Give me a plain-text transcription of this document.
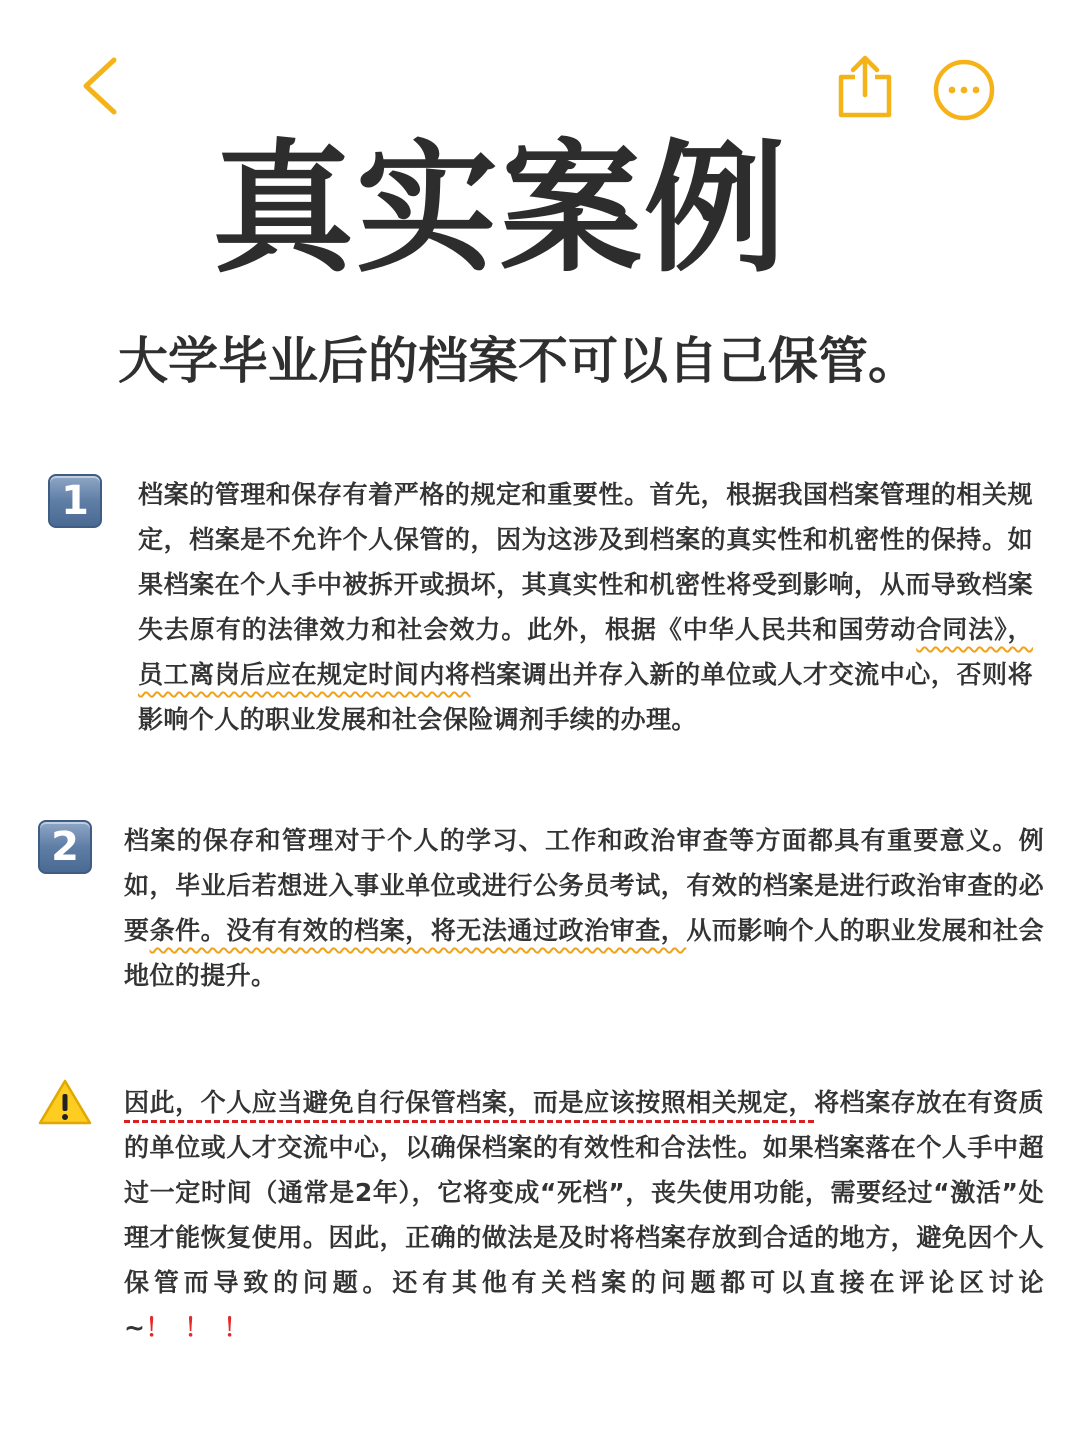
真实案例
大学毕业后的档案不可以自己保管。
1	档案的管理和保存有着严格的规定和重要性。首先，根据我国档案管理的相关规定，档案是不允许个人保管的，因为这涉及到档案的真实性和机密性的保持。如果档案在个人手中被拆开或损坏，其真实性和机密性将受到影响，从而导致档案失去原有的法律效力和社会效力。此外，根据《中华人民共和国劳动合同法》，员工离岗后应在规定时间内将档案调出并存入新的单位或人才交流中心，否则将影响个人的职业发展和社会保险调剂手续的办理。

2	档案的保存和管理对于个人的学习、工作和政治审查等方面都具有重要意义。例如，毕业后若想进入事业单位或进行公务员考试，有效的档案是进行政治审查的必要条件。没有有效的档案，将无法通过政治审查，从而影响个人的职业发展和社会地位的提升。

因此，个人应当避免自行保管档案，而是应该按照相关规定，将档案存放在有资质的单位或人才交流中心，以确保档案的有效性和合法性。如果档案落在个人手中超过一定时间（通常是2年），它将变成“死档”，丧失使用功能，需要经过“激活”处理才能恢复使用。因此，正确的做法是及时将档案存放到合适的地方，避免因个人保管而导致的问题。还有其他有关档案的问题都可以直接在评论区讨论~！！！
